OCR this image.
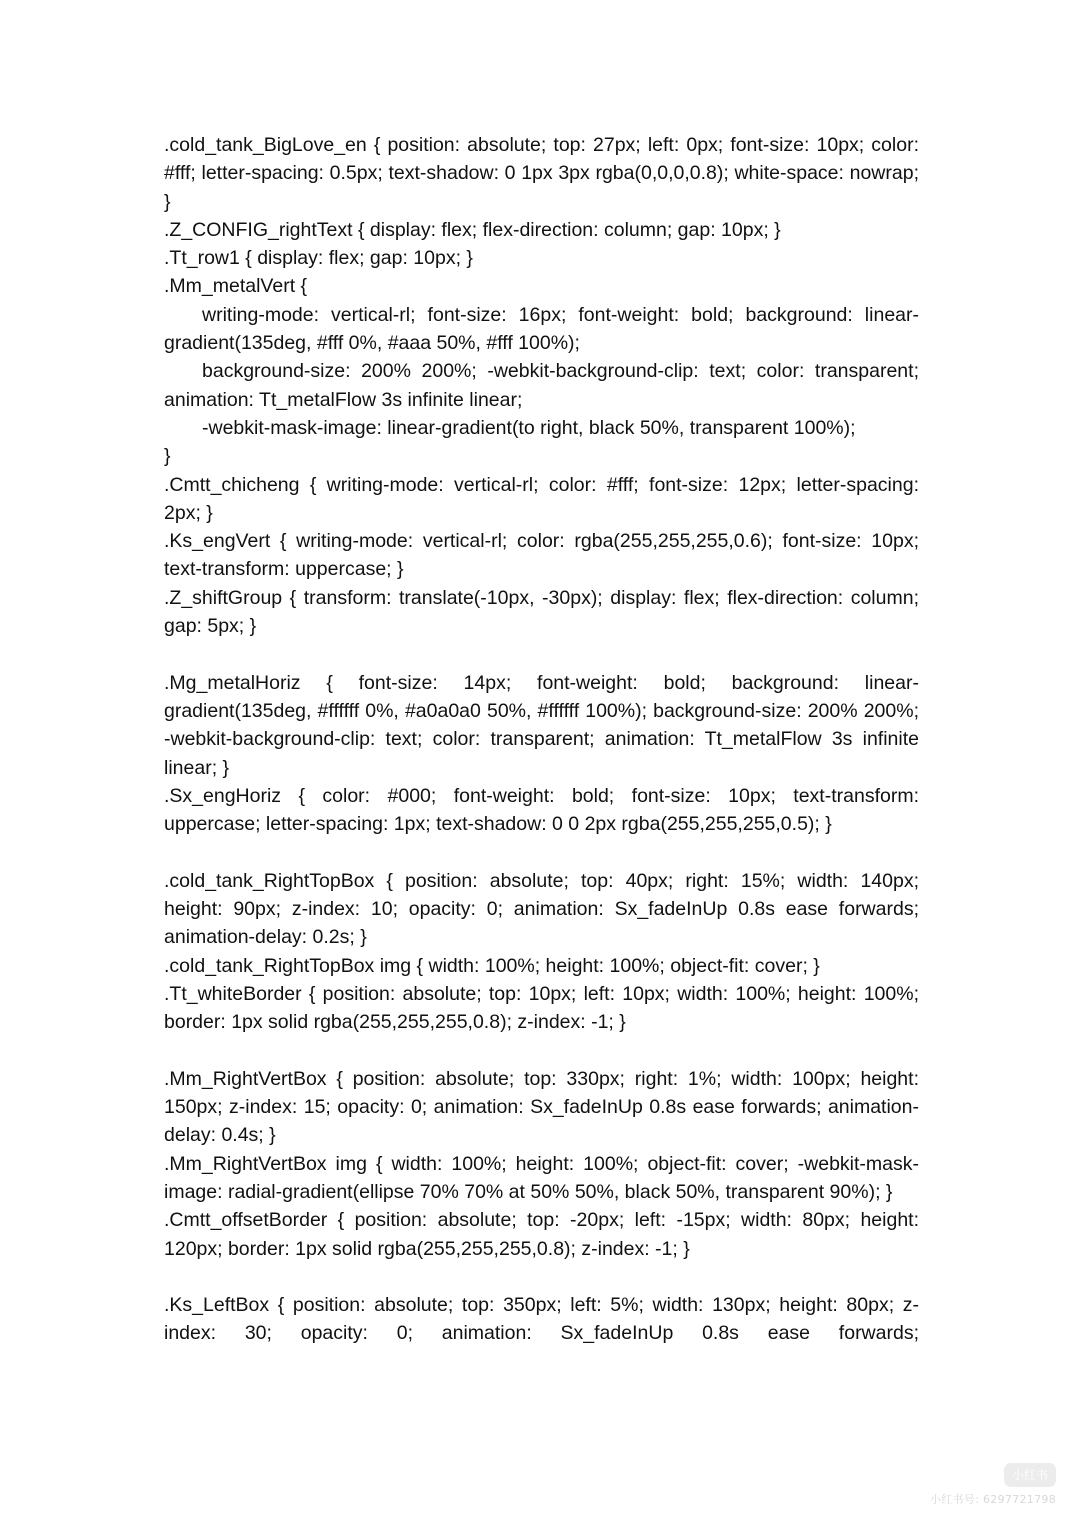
.cold_tank_BigLove_en { position: absolute; top: 27px; left: 0px; font-size: 10px; color: #fff; letter-spacing: 0.5px; text-shadow: 0 1px 3px rgba(0,0,0,0.8); white-space: nowrap; }

.Z_CONFIG_rightText { display: flex; flex-direction: column; gap: 10px; }

.Tt_row1 { display: flex; gap: 10px; }

.Mm_metalVert {

writing-mode: vertical-rl; font-size: 16px; font-weight: bold; background: linear-gradient(135deg, #fff 0%, #aaa 50%, #fff 100%);

background-size: 200% 200%; -webkit-background-clip: text; color: transparent; animation: Tt_metalFlow 3s infinite linear;

-webkit-mask-image: linear-gradient(to right, black 50%, transparent 100%);

}

.Cmtt_chicheng { writing-mode: vertical-rl; color: #fff; font-size: 12px; letter-spacing: 2px; }

.Ks_engVert { writing-mode: vertical-rl; color: rgba(255,255,255,0.6); font-size: 10px; text-transform: uppercase; }

.Z_shiftGroup { transform: translate(-10px, -30px); display: flex; flex-direction: column; gap: 5px; }

.Mg_metalHoriz { font-size: 14px; font-weight: bold; background: linear-gradient(135deg, #ffffff 0%, #a0a0a0 50%, #ffffff 100%); background-size: 200% 200%; -webkit-background-clip: text; color: transparent; animation: Tt_metalFlow 3s infinite linear; }

.Sx_engHoriz { color: #000; font-weight: bold; font-size: 10px; text-transform: uppercase; letter-spacing: 1px; text-shadow: 0 0 2px rgba(255,255,255,0.5); }

.cold_tank_RightTopBox { position: absolute; top: 40px; right: 15%; width: 140px; height: 90px; z-index: 10; opacity: 0; animation: Sx_fadeInUp 0.8s ease forwards; animation-delay: 0.2s; }

.cold_tank_RightTopBox img { width: 100%; height: 100%; object-fit: cover; }

.Tt_whiteBorder { position: absolute; top: 10px; left: 10px; width: 100%; height: 100%; border: 1px solid rgba(255,255,255,0.8); z-index: -1; }

.Mm_RightVertBox { position: absolute; top: 330px; right: 1%; width: 100px; height: 150px; z-index: 15; opacity: 0; animation: Sx_fadeInUp 0.8s ease forwards; animation-delay: 0.4s; }

.Mm_RightVertBox img { width: 100%; height: 100%; object-fit: cover; -webkit-mask-image: radial-gradient(ellipse 70% 70% at 50% 50%, black 50%, transparent 90%); }

.Cmtt_offsetBorder { position: absolute; top: -20px; left: -15px; width: 80px; height: 120px; border: 1px solid rgba(255,255,255,0.8); z-index: -1; }

.Ks_LeftBox { position: absolute; top: 350px; left: 5%; width: 130px; height: 80px; z-index: 30; opacity: 0; animation: Sx_fadeInUp 0.8s ease forwards;

小红书
小红书号: 6297721798
